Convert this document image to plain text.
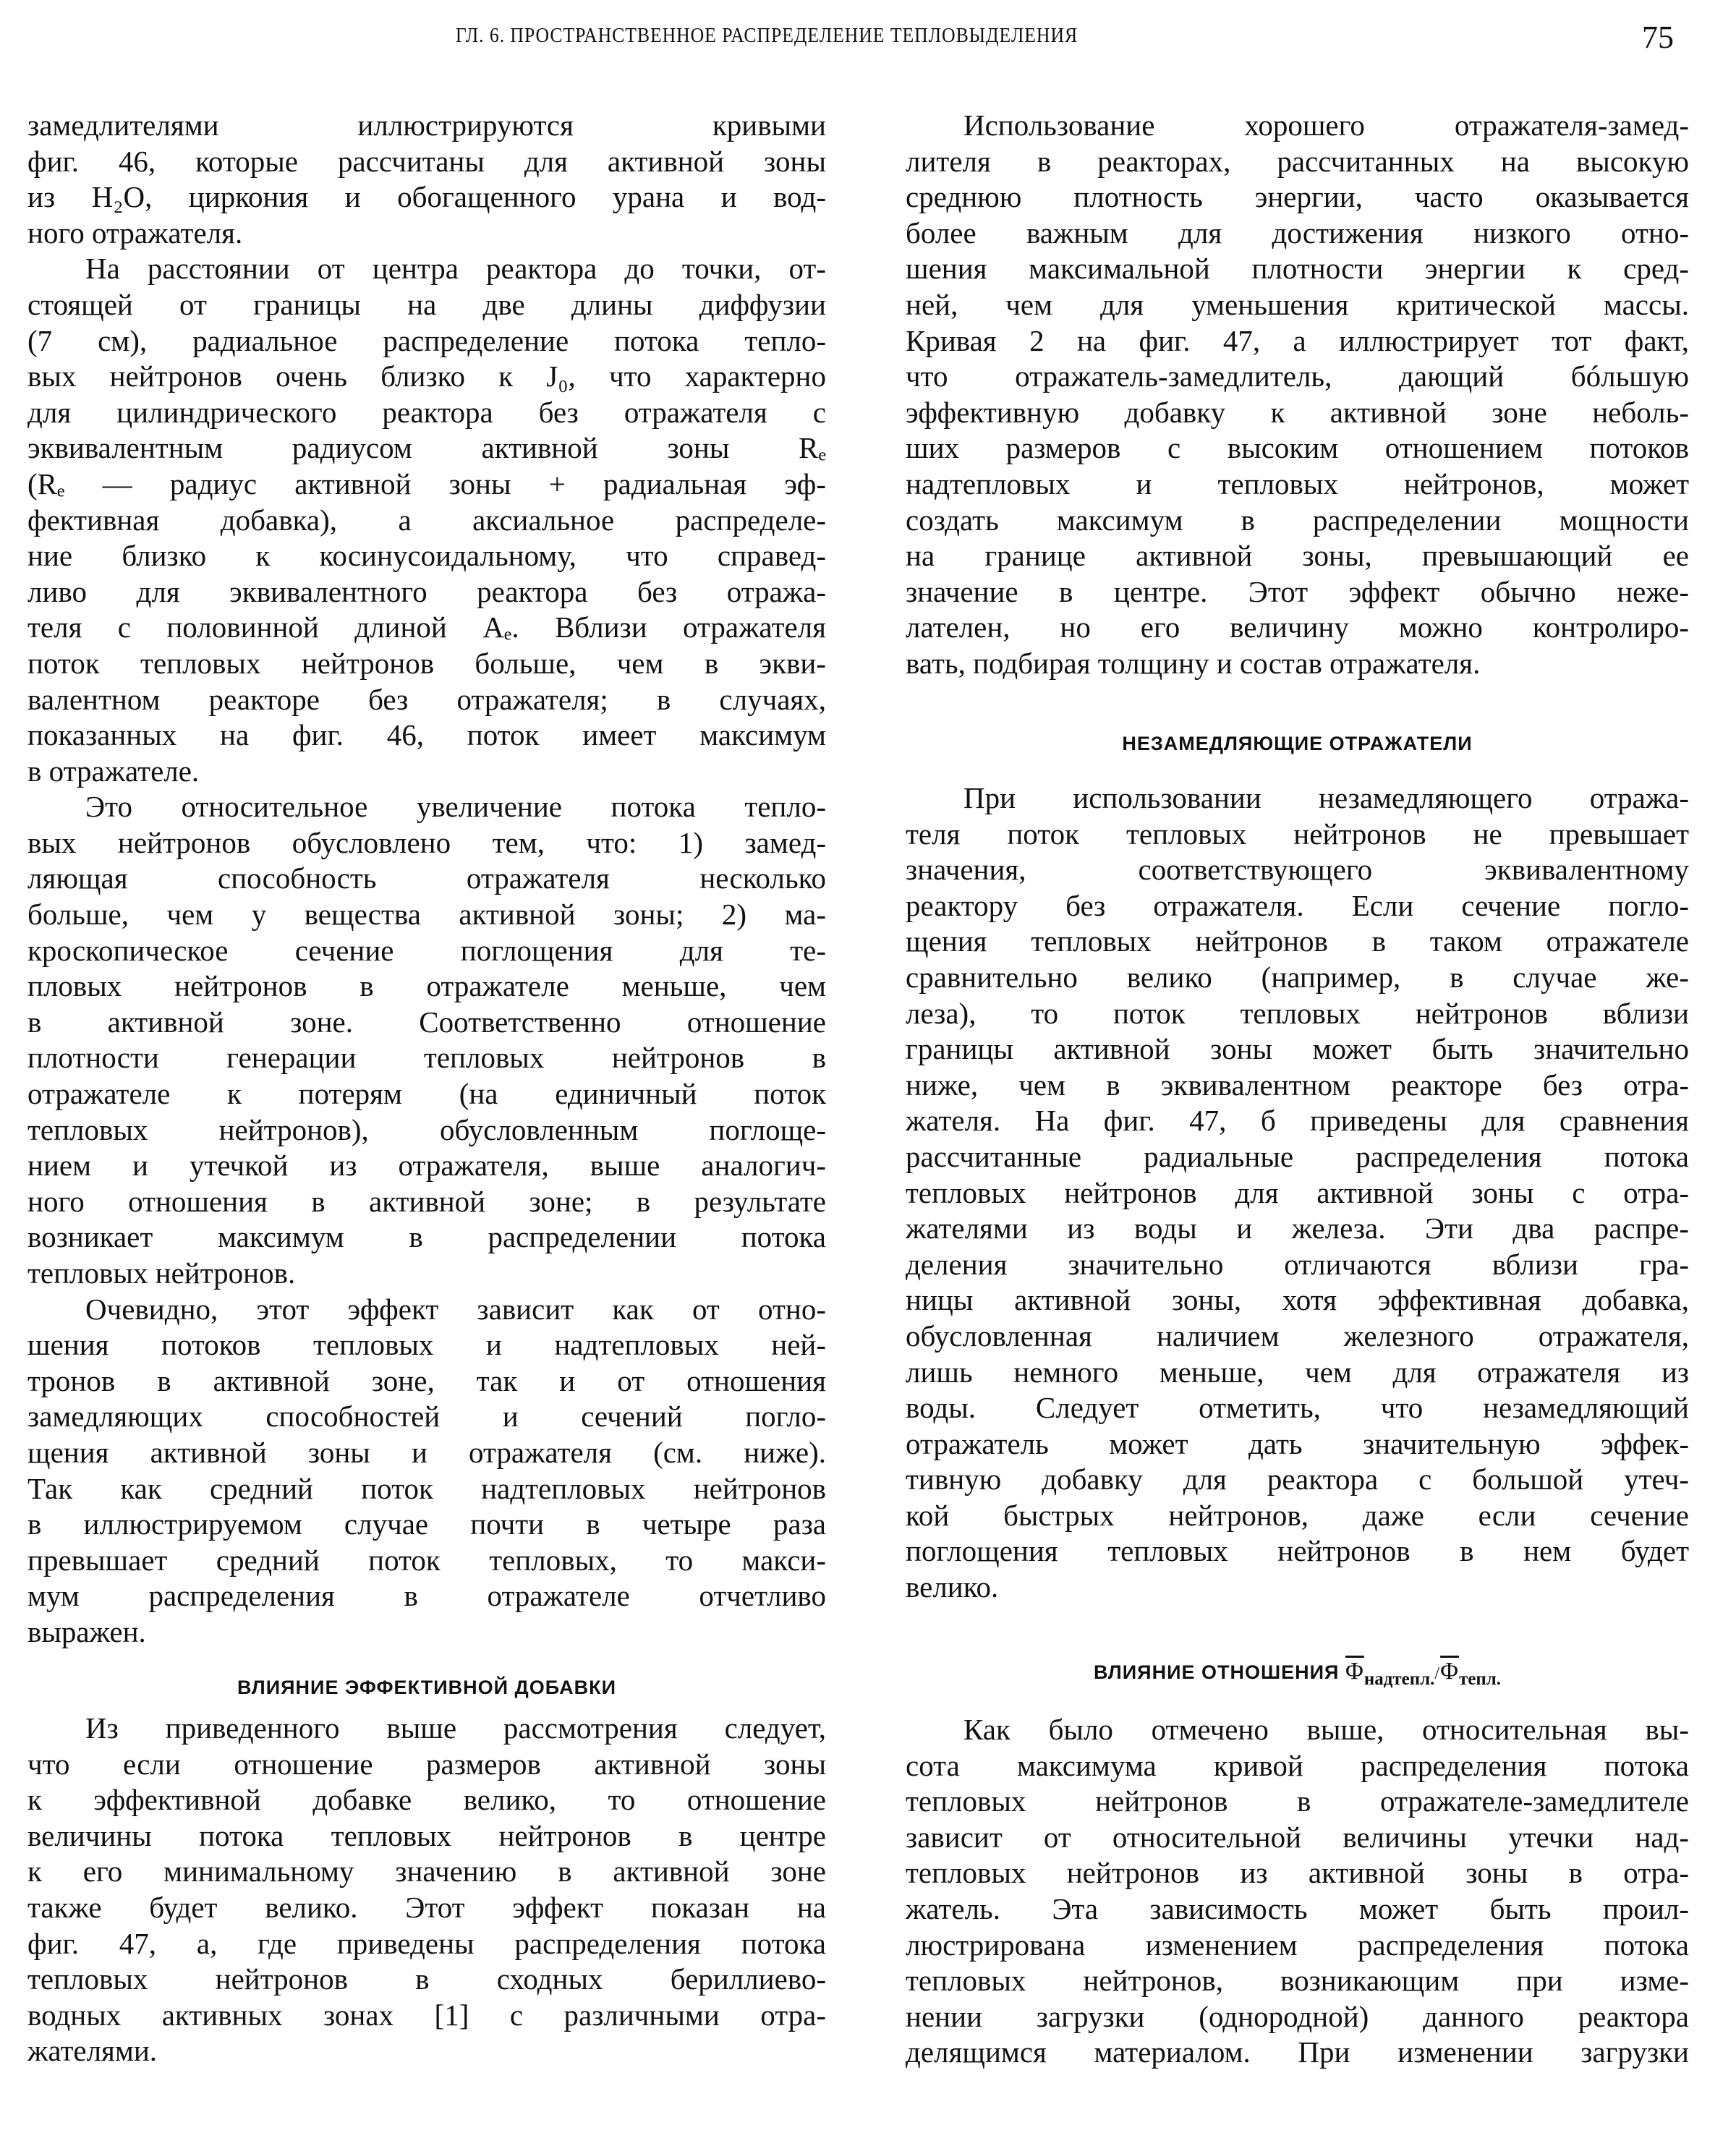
ГЛ. 6. ПРОСТРАНСТВЕННОЕ РАСПРЕДЕЛЕНИЕ ТЕПЛОВЫДЕЛЕНИЯ	75
замедлителями иллюстрируются кривыми
фиг. 46, которые рассчитаны для активной зоны
из H₂O, циркония и обогащенного урана и вод-
ного отражателя.
На расстоянии от центра реактора до точки, от-
стоящей от границы на две длины диффузии
(7 см), радиальное распределение потока тепло-
вых нейтронов очень близко к J₀, что характерно
для цилиндрического реактора без отражателя с
эквивалентным радиусом активной зоны Rₑ
(Rₑ — радиус активной зоны + радиальная эф-
фективная добавка), а аксиальное распределе-
ние близко к косинусоидальному, что справед-
ливо для эквивалентного реактора без отража-
теля с половинной длиной Aₑ. Вблизи отражателя
поток тепловых нейтронов больше, чем в экви-
валентном реакторе без отражателя; в случаях,
показанных на фиг. 46, поток имеет максимум
в отражателе.
Это относительное увеличение потока тепло-
вых нейтронов обусловлено тем, что: 1) замед-
ляющая способность отражателя несколько
больше, чем у вещества активной зоны; 2) ма-
кроскопическое сечение поглощения для те-
пловых нейтронов в отражателе меньше, чем
в активной зоне. Соответственно отношение
плотности генерации тепловых нейтронов в
отражателе к потерям (на единичный поток
тепловых нейтронов), обусловленным поглоще-
нием и утечкой из отражателя, выше аналогич-
ного отношения в активной зоне; в результате
возникает максимум в распределении потока
тепловых нейтронов.
Очевидно, этот эффект зависит как от отно-
шения потоков тепловых и надтепловых ней-
тронов в активной зоне, так и от отношения
замедляющих способностей и сечений погло-
щения активной зоны и отражателя (см. ниже).
Так как средний поток надтепловых нейтронов
в иллюстрируемом случае почти в четыре раза
превышает средний поток тепловых, то макси-
мум распределения в отражателе отчетливо
выражен.
ВЛИЯНИЕ ЭФФЕКТИВНОЙ ДОБАВКИ
Из приведенного выше рассмотрения следует,
что если отношение размеров активной зоны
к эффективной добавке велико, то отношение
величины потока тепловых нейтронов в центре
к его минимальному значению в активной зоне
также будет велико. Этот эффект показан на
фиг. 47, а, где приведены распределения потока
тепловых нейтронов в сходных бериллиево-
водных активных зонах [1] с различными отра-
жателями.
Использование хорошего отражателя-замед-
лителя в реакторах, рассчитанных на высокую
среднюю плотность энергии, часто оказывается
более важным для достижения низкого отно-
шения максимальной плотности энергии к сред-
ней, чем для уменьшения критической массы.
Кривая 2 на фиг. 47, а иллюстрирует тот факт,
что отражатель-замедлитель, дающий бóльшую
эффективную добавку к активной зоне неболь-
ших размеров с высоким отношением потоков
надтепловых и тепловых нейтронов, может
создать максимум в распределении мощности
на границе активной зоны, превышающий ее
значение в центре. Этот эффект обычно неже-
лателен, но его величину можно контролиро-
вать, подбирая толщину и состав отражателя.
НЕЗАМЕДЛЯЮЩИЕ ОТРАЖАТЕЛИ
При использовании незамедляющего отража-
теля поток тепловых нейтронов не превышает
значения, соответствующего эквивалентному
реактору без отражателя. Если сечение погло-
щения тепловых нейтронов в таком отражателе
сравнительно велико (например, в случае же-
леза), то поток тепловых нейтронов вблизи
границы активной зоны может быть значительно
ниже, чем в эквивалентном реакторе без отра-
жателя. На фиг. 47, б приведены для сравнения
рассчитанные радиальные распределения потока
тепловых нейтронов для активной зоны с отра-
жателями из воды и железа. Эти два распре-
деления значительно отличаются вблизи гра-
ницы активной зоны, хотя эффективная добавка,
обусловленная наличием железного отражателя,
лишь немного меньше, чем для отражателя из
воды. Следует отметить, что незамедляющий
отражатель может дать значительную эффек-
тивную добавку для реактора с большой утеч-
кой быстрых нейтронов, даже если сечение
поглощения тепловых нейтронов в нем будет
велико.
ВЛИЯНИЕ ОТНОШЕНИЯ $\overline{\Phi}надтепл./\overline{\Phi}тепл$.
Как было отмечено выше, относительная вы-
сота максимума кривой распределения потока
тепловых нейтронов в отражателе-замедлителе
зависит от относительной величины утечки над-
тепловых нейтронов из активной зоны в отра-
жатель. Эта зависимость может быть проил-
люстрирована изменением распределения потока
тепловых нейтронов, возникающим при изме-
нении загрузки (однородной) данного реактора
делящимся материалом. При изменении загрузки
